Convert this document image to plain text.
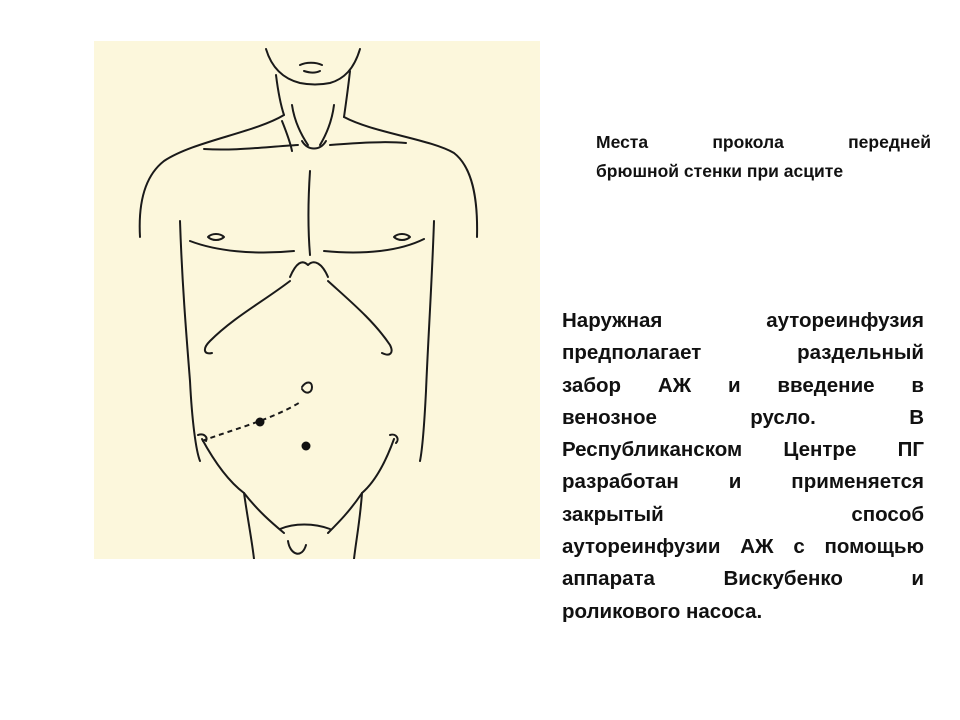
Места прокола передней
брюшной стенки при асците
Наружная аутореинфузия
предполагает раздельный
забор АЖ и введение в
венозное русло. В
Республиканском Центре ПГ
разработан и применяется
закрытый способ
аутореинфузии АЖ с помощью
аппарата Вискубенко и
роликового насоса.
